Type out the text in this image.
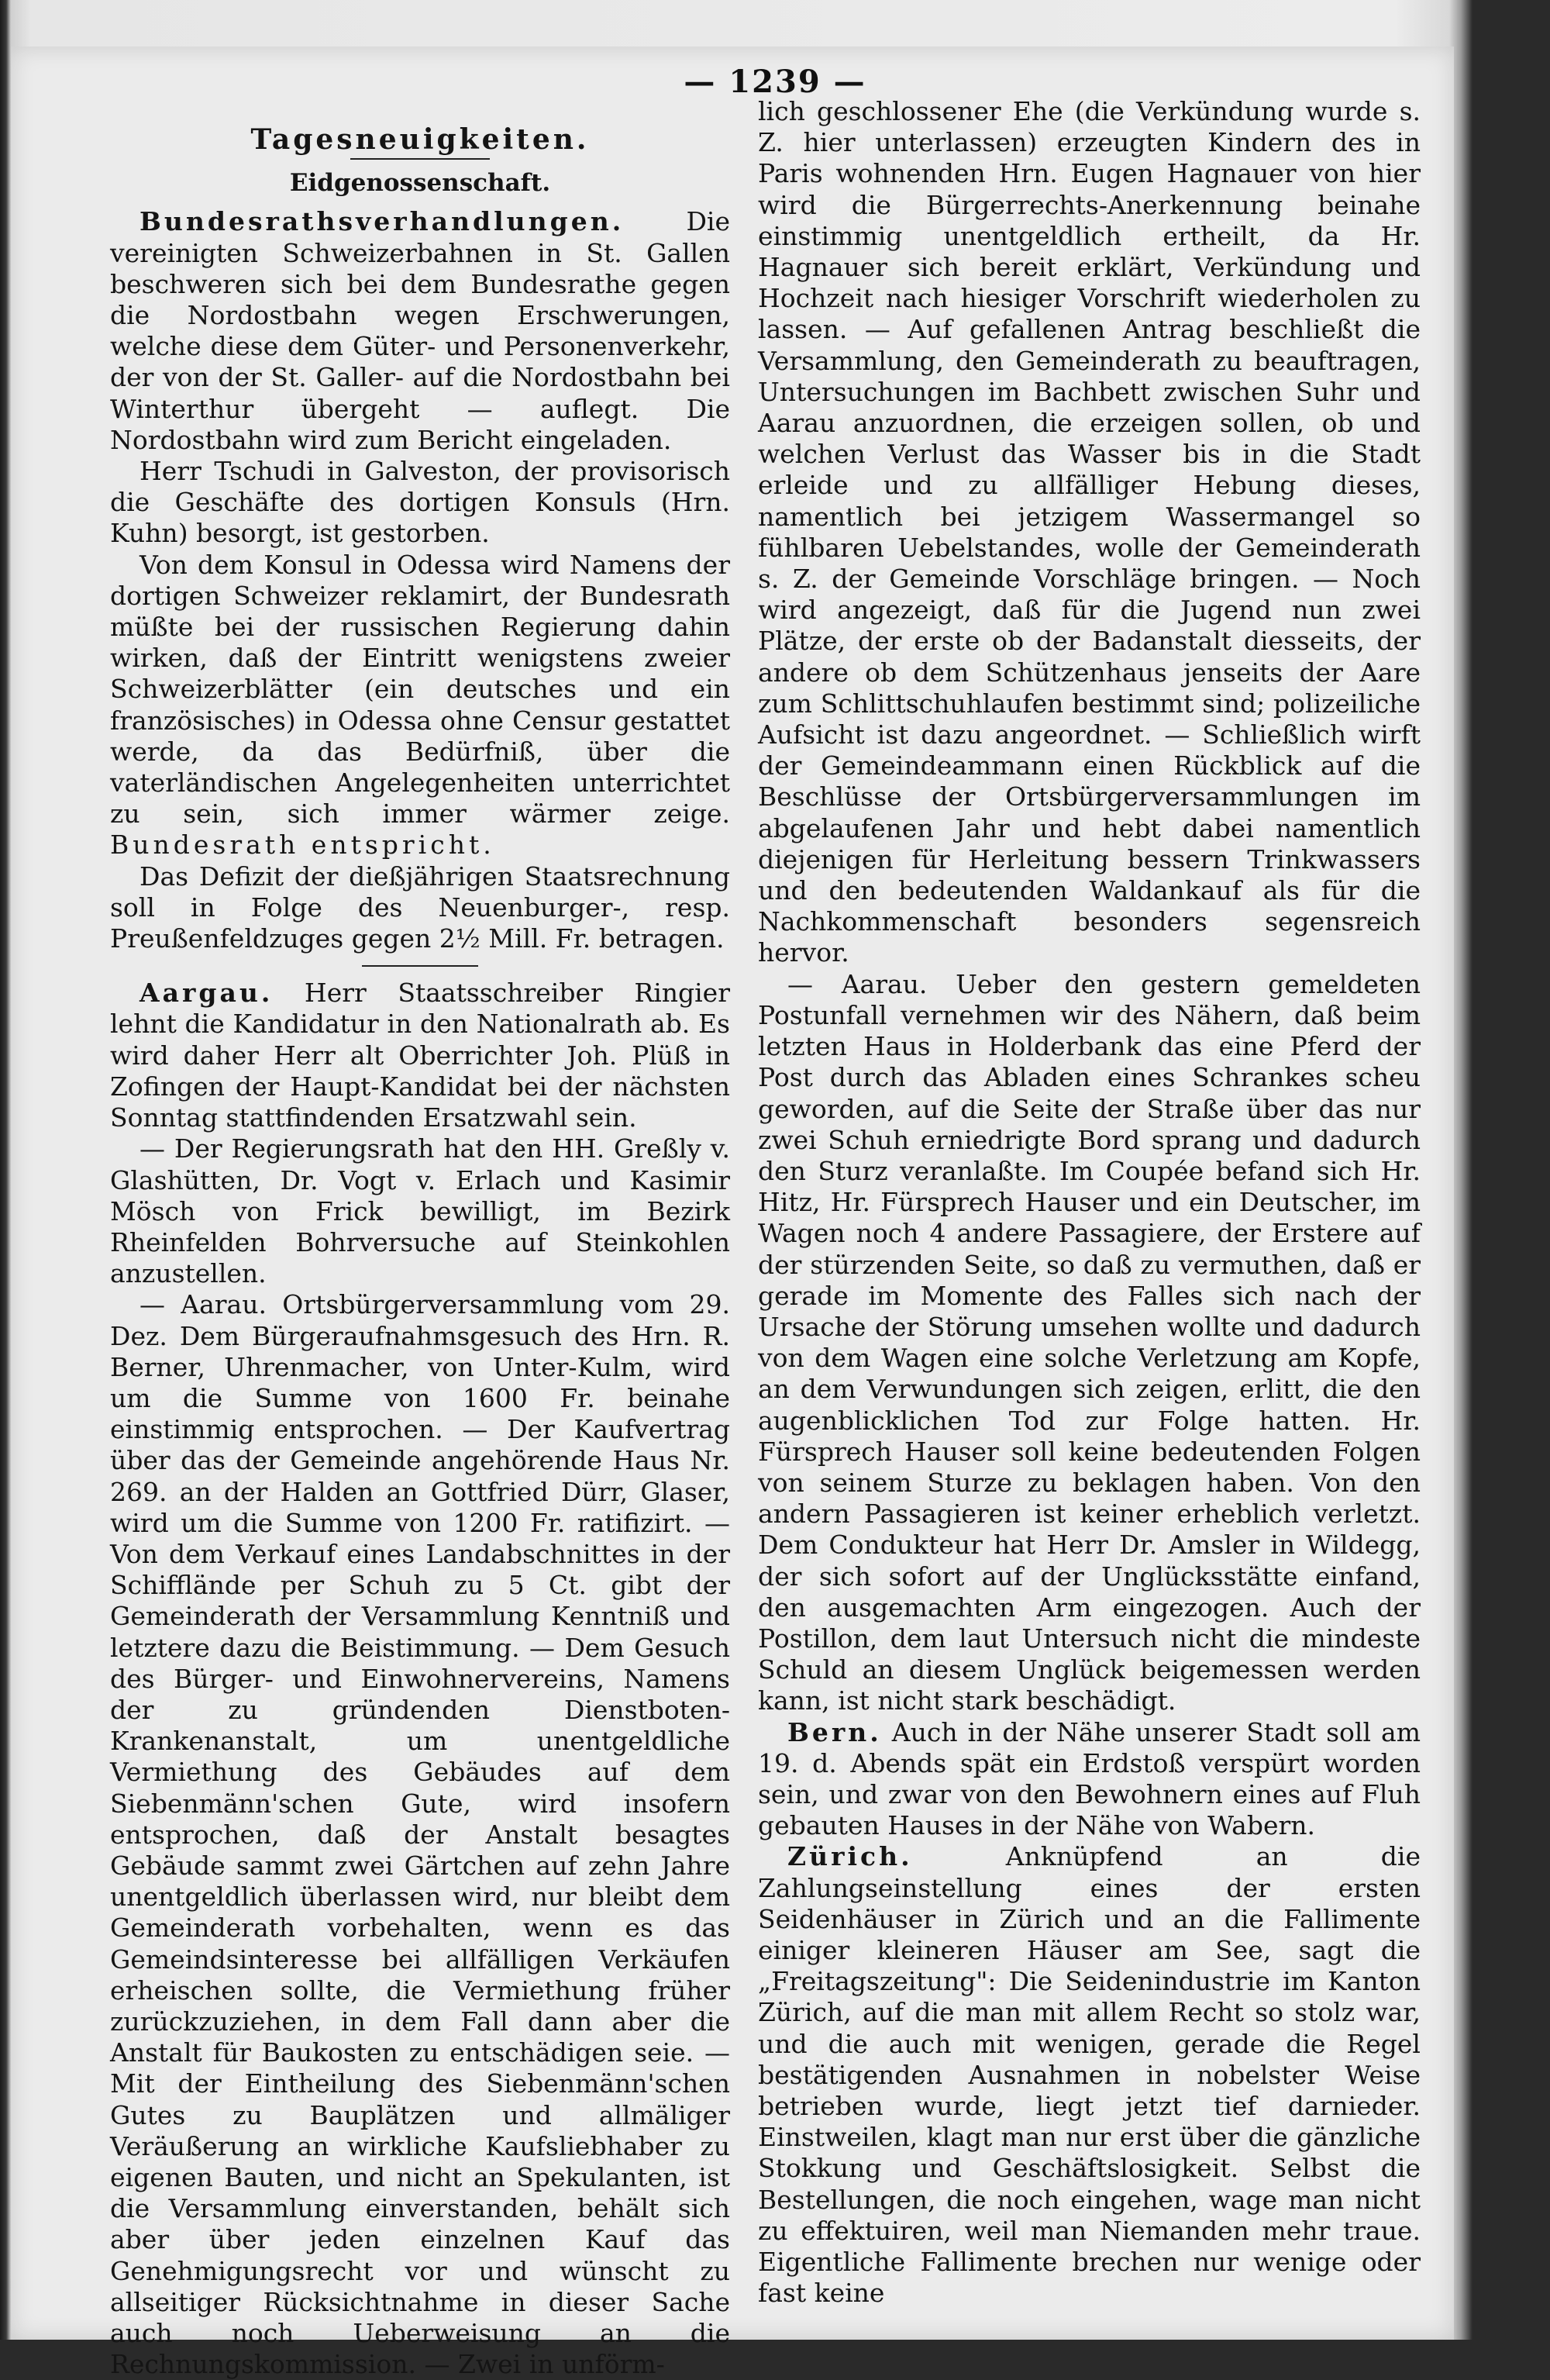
— 1239 —
Tagesneuigkeiten.
Eidgenossenschaft.

Bundesrathsverhandlungen. Die vereinigten Schweizerbahnen in St. Gallen beschweren sich bei dem Bundesrathe gegen die Nordostbahn wegen Erschwerungen, welche diese dem Güter- und Personenverkehr, der von der St. Galler- auf die Nordostbahn bei Winterthur übergeht — auflegt. Die Nordostbahn wird zum Bericht eingeladen.

Herr Tschudi in Galveston, der provisorisch die Geschäfte des dortigen Konsuls (Hrn. Kuhn) besorgt, ist gestorben.

Von dem Konsul in Odessa wird Namens der dortigen Schweizer reklamirt, der Bundesrath müßte bei der russischen Regierung dahin wirken, daß der Eintritt wenigstens zweier Schweizerblätter (ein deutsches und ein französisches) in Odessa ohne Censur gestattet werde, da das Bedürfniß, über die vaterländischen Angelegenheiten unterrichtet zu sein, sich immer wärmer zeige. Bundesrath entspricht.

Das Defizit der dießjährigen Staatsrechnung soll in Folge des Neuenburger-, resp. Preußenfeldzuges gegen 2½ Mill. Fr. betragen.

Aargau. Herr Staatsschreiber Ringier lehnt die Kandidatur in den Nationalrath ab. Es wird daher Herr alt Oberrichter Joh. Plüß in Zofingen der Haupt-Kandidat bei der nächsten Sonntag stattfindenden Ersatzwahl sein.

— Der Regierungsrath hat den HH. Greßly v. Glashütten, Dr. Vogt v. Erlach und Kasimir Mösch von Frick bewilligt, im Bezirk Rheinfelden Bohrversuche auf Steinkohlen anzustellen.

— Aarau. Ortsbürgerversammlung vom 29. Dez. Dem Bürgeraufnahmsgesuch des Hrn. R. Berner, Uhrenmacher, von Unter-Kulm, wird um die Summe von 1600 Fr. beinahe einstimmig entsprochen. — Der Kaufvertrag über das der Gemeinde angehörende Haus Nr. 269. an der Halden an Gottfried Dürr, Glaser, wird um die Summe von 1200 Fr. ratifizirt. — Von dem Verkauf eines Landabschnittes in der Schifflände per Schuh zu 5 Ct. gibt der Gemeinderath der Versammlung Kenntniß und letztere dazu die Beistimmung. — Dem Gesuch des Bürger- und Einwohnervereins, Namens der zu gründenden Dienstboten-Krankenanstalt, um unentgeldliche Vermiethung des Gebäudes auf dem Siebenmänn'schen Gute, wird insofern entsprochen, daß der Anstalt besagtes Gebäude sammt zwei Gärtchen auf zehn Jahre unentgeldlich überlassen wird, nur bleibt dem Gemeinderath vorbehalten, wenn es das Gemeindsinteresse bei allfälligen Verkäufen erheischen sollte, die Vermiethung früher zurückzuziehen, in dem Fall dann aber die Anstalt für Baukosten zu entschädigen seie. — Mit der Eintheilung des Siebenmänn'schen Gutes zu Bauplätzen und allmäliger Veräußerung an wirkliche Kaufsliebhaber zu eigenen Bauten, und nicht an Spekulanten, ist die Versammlung einverstanden, behält sich aber über jeden einzelnen Kauf das Genehmigungsrecht vor und wünscht zu allseitiger Rücksichtnahme in dieser Sache auch noch Ueberweisung an die Rechnungskommission. — Zwei in unförm-

lich geschlossener Ehe (die Verkündung wurde s. Z. hier unterlassen) erzeugten Kindern des in Paris wohnenden Hrn. Eugen Hagnauer von hier wird die Bürgerrechts-Anerkennung beinahe einstimmig unentgeldlich ertheilt, da Hr. Hagnauer sich bereit erklärt, Verkündung und Hochzeit nach hiesiger Vorschrift wiederholen zu lassen. — Auf gefallenen Antrag beschließt die Versammlung, den Gemeinderath zu beauftragen, Untersuchungen im Bachbett zwischen Suhr und Aarau anzuordnen, die erzeigen sollen, ob und welchen Verlust das Wasser bis in die Stadt erleide und zu allfälliger Hebung dieses, namentlich bei jetzigem Wassermangel so fühlbaren Uebelstandes, wolle der Gemeinderath s. Z. der Gemeinde Vorschläge bringen. — Noch wird angezeigt, daß für die Jugend nun zwei Plätze, der erste ob der Badanstalt diesseits, der andere ob dem Schützenhaus jenseits der Aare zum Schlittschuhlaufen bestimmt sind; polizeiliche Aufsicht ist dazu angeordnet. — Schließlich wirft der Gemeindeammann einen Rückblick auf die Beschlüsse der Ortsbürgerversammlungen im abgelaufenen Jahr und hebt dabei namentlich diejenigen für Herleitung bessern Trinkwassers und den bedeutenden Waldankauf als für die Nachkommenschaft besonders segensreich hervor.

— Aarau. Ueber den gestern gemeldeten Postunfall vernehmen wir des Nähern, daß beim letzten Haus in Holderbank das eine Pferd der Post durch das Abladen eines Schrankes scheu geworden, auf die Seite der Straße über das nur zwei Schuh erniedrigte Bord sprang und dadurch den Sturz veranlaßte. Im Coupée befand sich Hr. Hitz, Hr. Fürsprech Hauser und ein Deutscher, im Wagen noch 4 andere Passagiere, der Erstere auf der stürzenden Seite, so daß zu vermuthen, daß er gerade im Momente des Falles sich nach der Ursache der Störung umsehen wollte und dadurch von dem Wagen eine solche Verletzung am Kopfe, an dem Verwundungen sich zeigen, erlitt, die den augenblicklichen Tod zur Folge hatten. Hr. Fürsprech Hauser soll keine bedeutenden Folgen von seinem Sturze zu beklagen haben. Von den andern Passagieren ist keiner erheblich verletzt. Dem Condukteur hat Herr Dr. Amsler in Wildegg, der sich sofort auf der Unglücksstätte einfand, den ausgemachten Arm eingezogen. Auch der Postillon, dem laut Untersuch nicht die mindeste Schuld an diesem Unglück beigemessen werden kann, ist nicht stark beschädigt.

Bern. Auch in der Nähe unserer Stadt soll am 19. d. Abends spät ein Erdstoß verspürt worden sein, und zwar von den Bewohnern eines auf Fluh gebauten Hauses in der Nähe von Wabern.

Zürich. Anknüpfend an die Zahlungseinstellung eines der ersten Seidenhäuser in Zürich und an die Fallimente einiger kleineren Häuser am See, sagt die „Freitagszeitung": Die Seidenindustrie im Kanton Zürich, auf die man mit allem Recht so stolz war, und die auch mit wenigen, gerade die Regel bestätigenden Ausnahmen in nobelster Weise betrieben wurde, liegt jetzt tief darnieder. Einstweilen, klagt man nur erst über die gänzliche Stokkung und Geschäftslosigkeit. Selbst die Bestellungen, die noch eingehen, wage man nicht zu effektuiren, weil man Niemanden mehr traue. Eigentliche Fallimente brechen nur wenige oder fast keine
